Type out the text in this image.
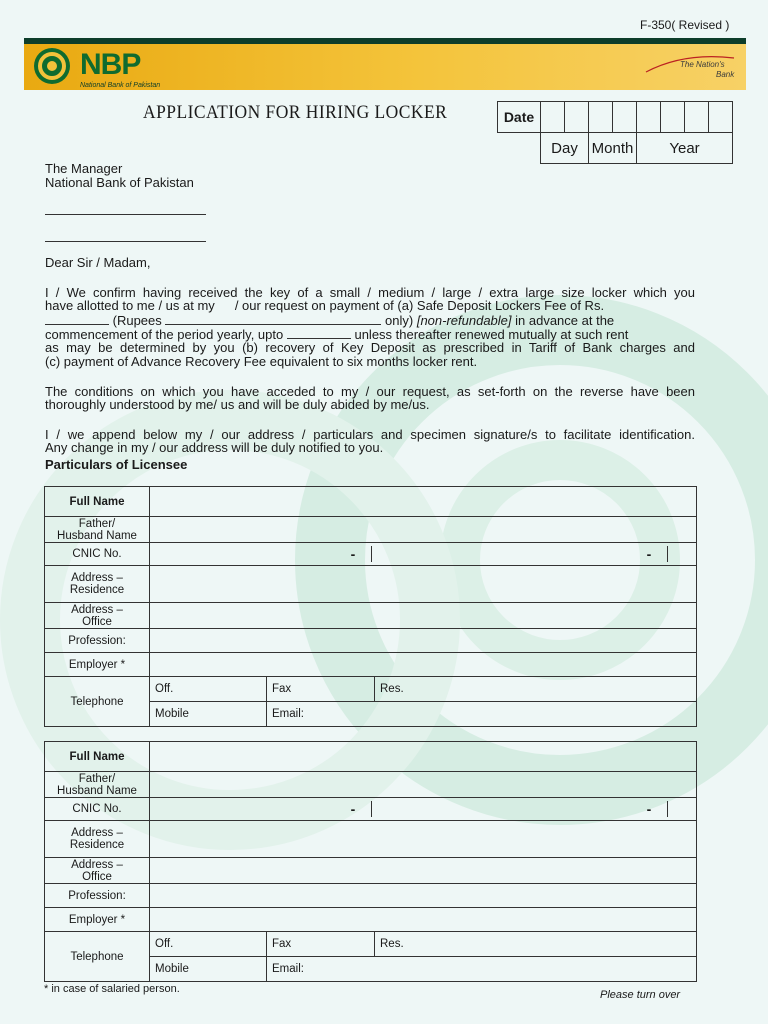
F-350( Revised )
NBP
National Bank of Pakistan
The Nation's
Bank
APPLICATION FOR HIRING LOCKER	Date								
	Day		Month		Year			
The Manager
National Bank of Pakistan
Dear Sir / Madam,
I / We confirm having received the key of a small / medium / large / extra large size locker which you
have allotted to me / us at my / our request on payment of (a) Safe Deposit Lockers Fee of Rs.
(Rupees	only) [non-refundable] in advance at the
commencement of the period yearly, upto	unless thereafter renewed mutually at such rent
as may be determined by you (b) recovery of Key Deposit as prescribed in Tariff of Bank charges and
(c) payment of Advance Recovery Fee equivalent to six months locker rent.
The conditions on which you have acceded to my / our request, as set-forth on the reverse have been
thoroughly understood by me/ us and will be duly abided by me/us.
I / we append below my / our address / particulars and specimen signature/s to facilitate identification.
Any change in my / our address will be duly notified to you.
Particulars of Licensee
Full Name			
Father/
Husband Name			
CNIC No.	- -		

Address –
Residence			
Address –
Office			
Profession:			
Employer *			
Telephone	Off.	Fax	Res.
	Mobile	Email:	
Full Name			
Father/
Husband Name			
CNIC No.	- -		

Address –
Residence			
Address –
Office			
Profession:			
Employer *			
Telephone	Off.	Fax	Res.
	Mobile	Email:	
* in case of salaried person.	Please turn over
